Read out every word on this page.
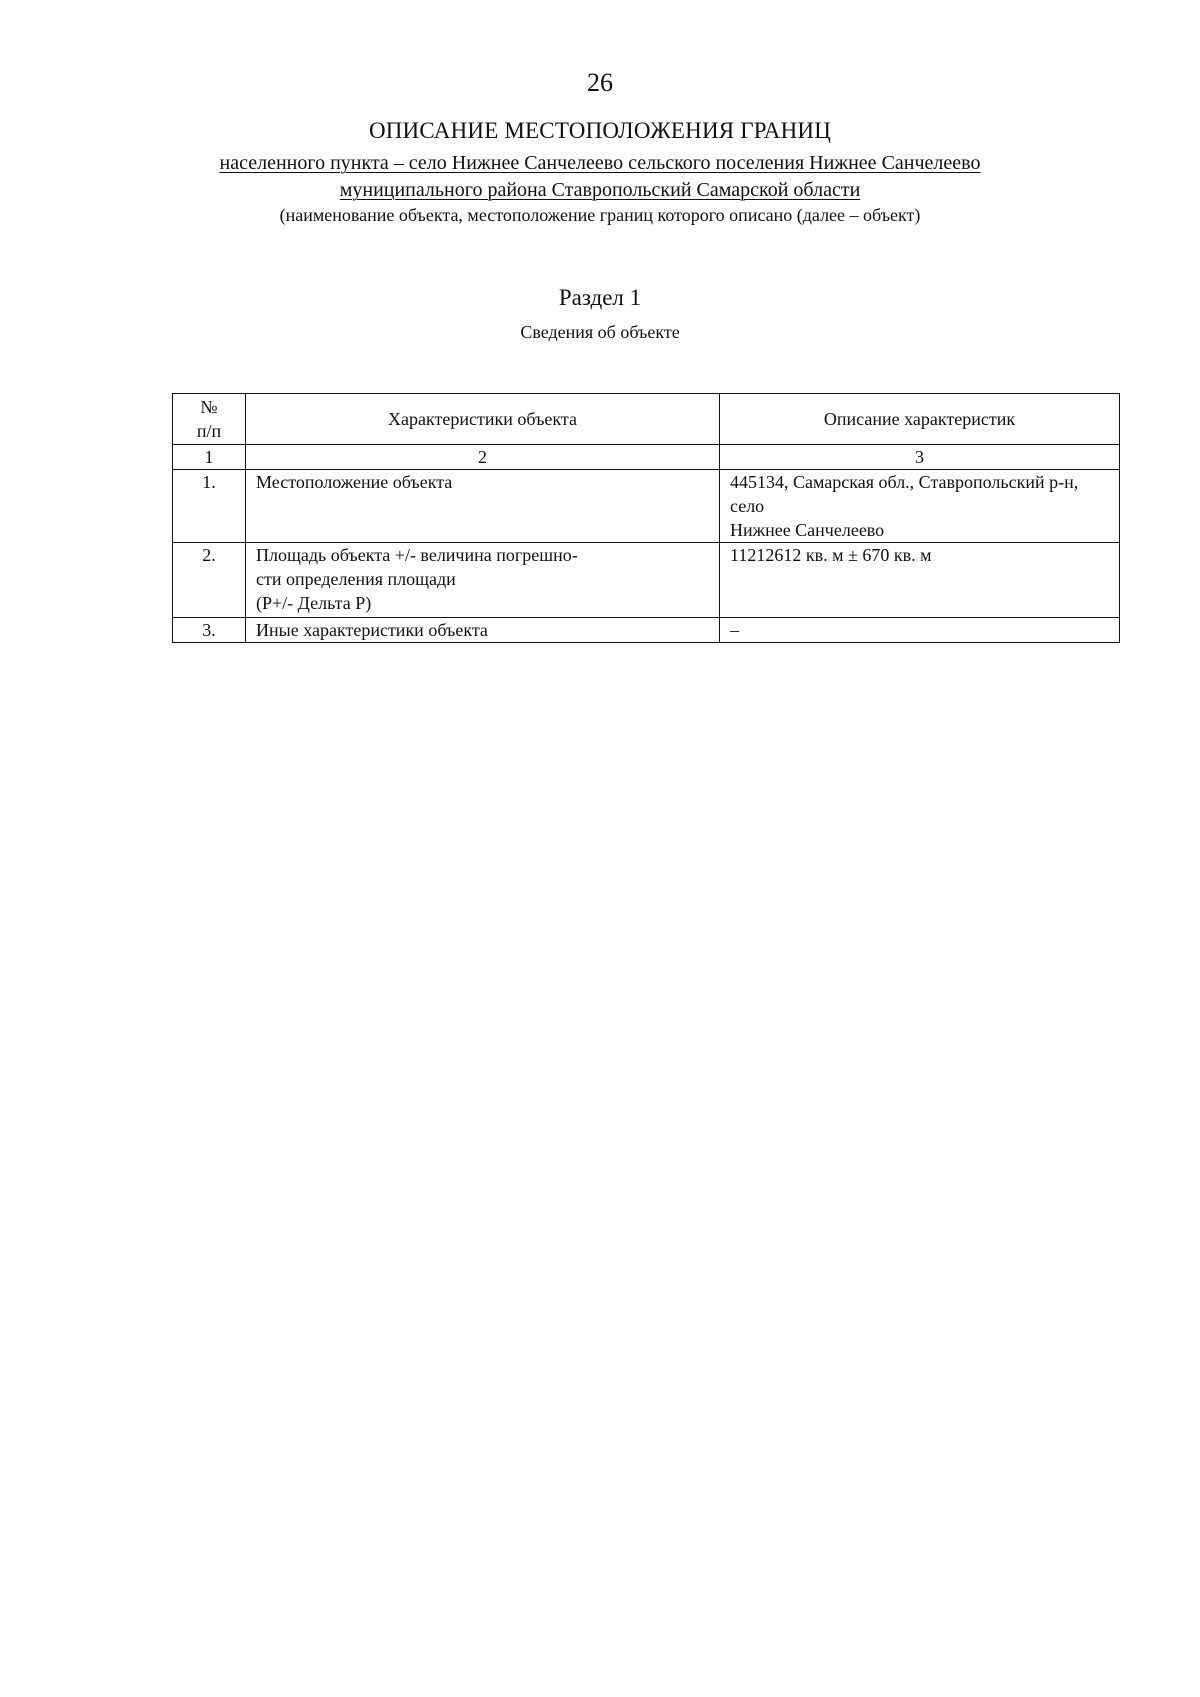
26
ОПИСАНИЕ МЕСТОПОЛОЖЕНИЯ ГРАНИЦ
населенного пункта – село Нижнее Санчелеево сельского поселения Нижнее Санчелеево
муниципального района Ставропольский Самарской области
(наименование объекта, местоположение границ которого описано (далее – объект)
Раздел 1
Сведения об объекте
№
п/п	Характеристики объекта	Описание характеристик
1	2	3
1.	Местоположение объекта	445134, Самарская обл., Ставропольский р-н, село
Нижнее Санчелеево
2.	Площадь объекта +/- величина погрешно-
сти определения площади
(Р+/- Дельта Р)	11212612 кв. м ± 670 кв. м
3.	Иные характеристики объекта	–
